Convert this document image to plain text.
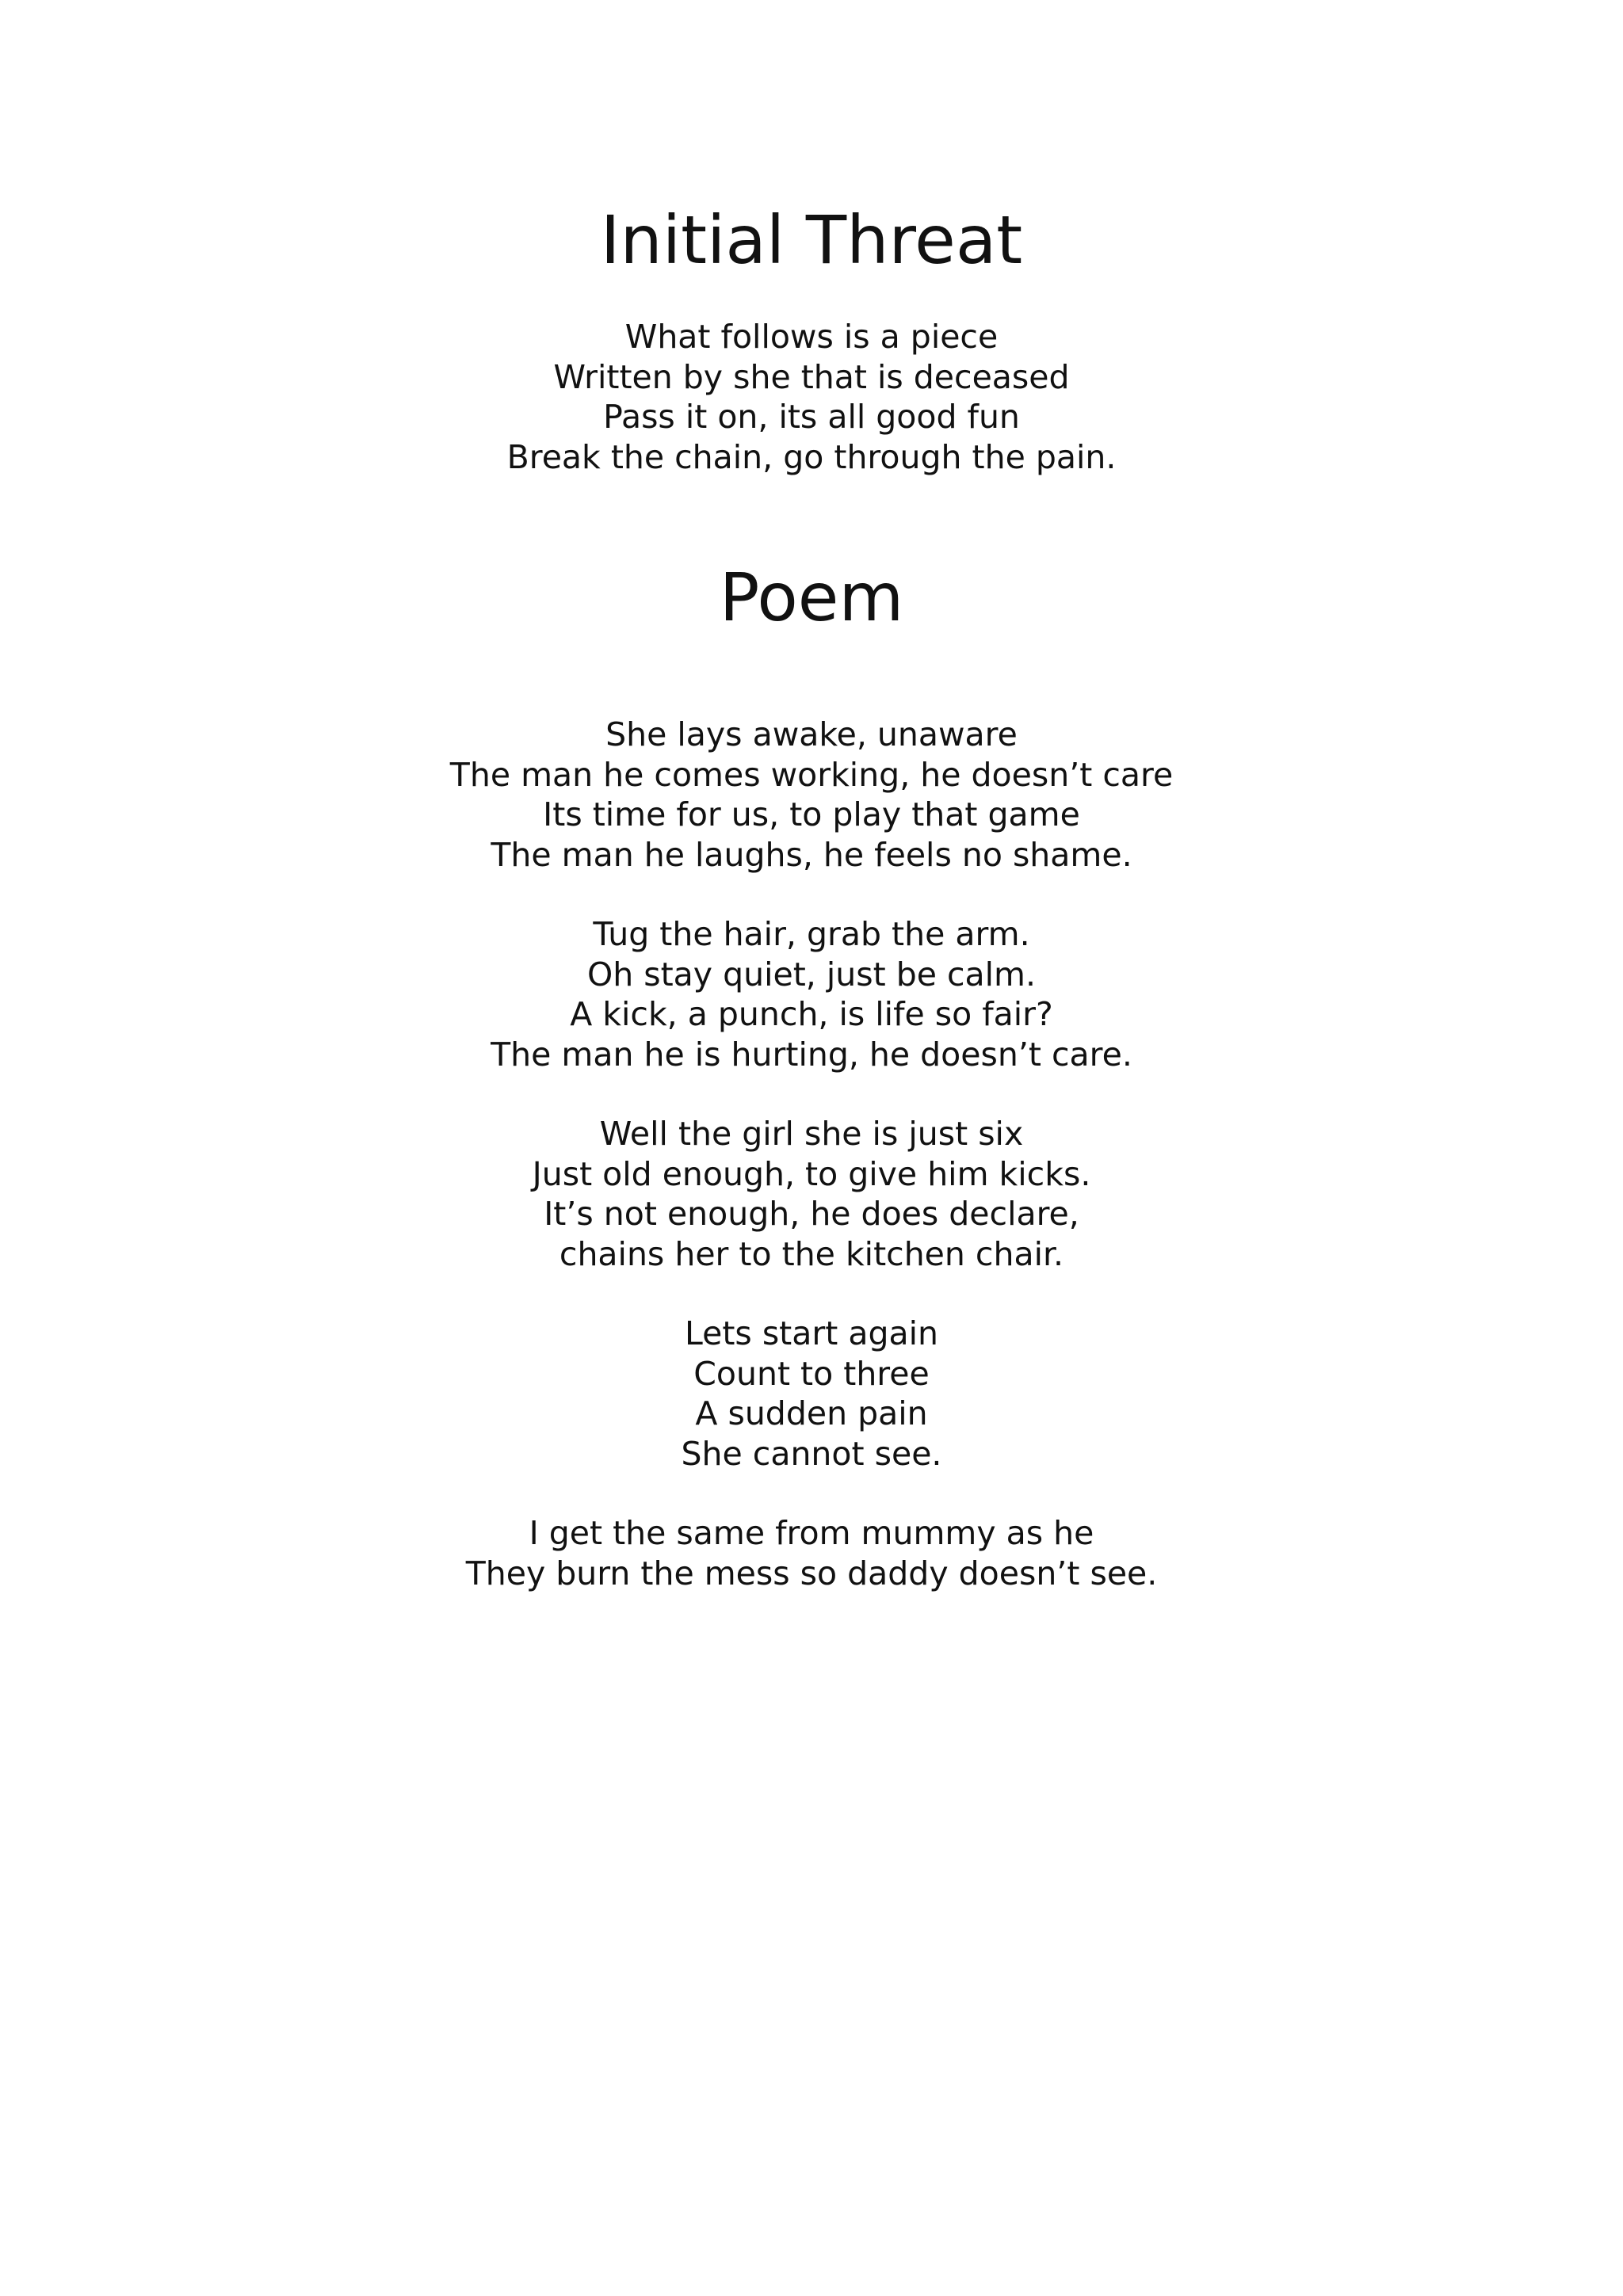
Initial Threat
What follows is a piece
Written by she that is deceased
Pass it on, its all good fun
Break the chain, go through the pain.
Poem
She lays awake, unaware
The man he comes working, he doesn’t care
Its time for us, to play that game
The man he laughs, he feels no shame.
Tug the hair, grab the arm.
Oh stay quiet, just be calm.
A kick, a punch, is life so fair?
The man he is hurting, he doesn’t care.
Well the girl she is just six
Just old enough, to give him kicks.
It’s not enough, he does declare,
chains her to the kitchen chair.
Lets start again
Count to three
A sudden pain
She cannot see.
I get the same from mummy as he
They burn the mess so daddy doesn’t see.
